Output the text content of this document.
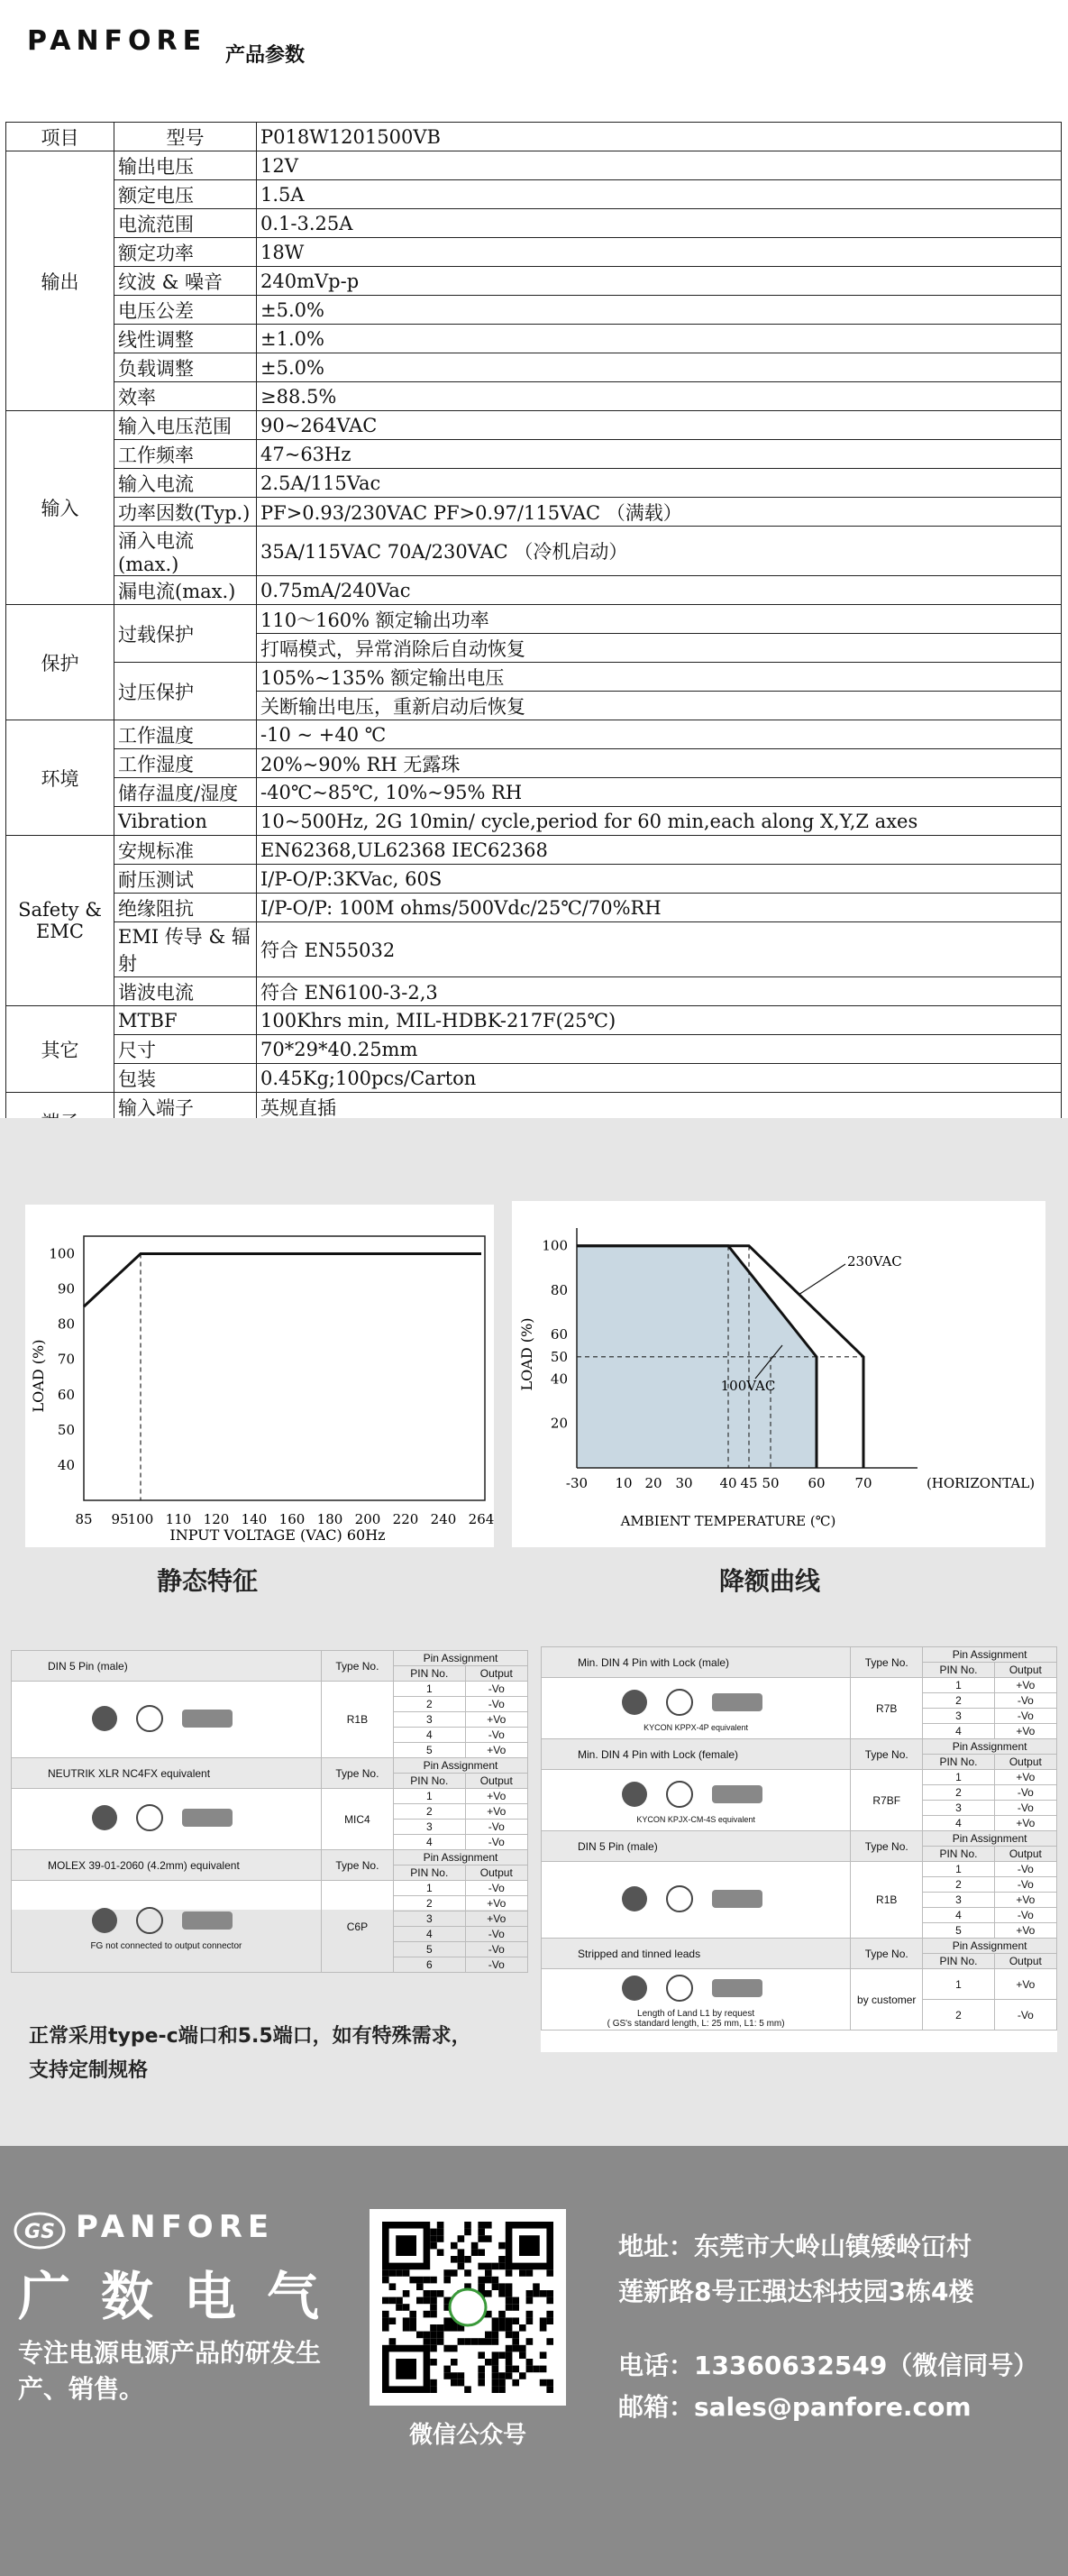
PANFORE 产品参数
项目	型号	P018W1201500VB
输出	输出电压	12V
	额定电压	1.5A
	电流范围	0.1-3.25A
	额定功率	18W
	纹波 & 噪音	240mVp-p
	电压公差	±5.0%
	线性调整	±1.0%
	负载调整	±5.0%
	效率	≥88.5%
输入	输入电压范围	90~264VAC
	工作频率	47~63Hz
	输入电流	2.5A/115Vac
	功率因数(Typ.)	PF>0.93/230VAC PF>0.97/115VAC （满载）
	涌入电流(max.)	35A/115VAC 70A/230VAC （冷机启动）
	漏电流(max.)	0.75mA/240Vac
保护	过载保护	110～160% 额定输出功率
		打嗝模式，异常消除后自动恢复
	过压保护	105%~135% 额定输出电压
		关断输出电压，重新启动后恢复
环境	工作温度	-10 ~ +40 ℃
	工作湿度	20%~90% RH 无露珠
	储存温度/湿度	-40℃~85℃, 10%~95% RH
	Vibration	10~500Hz, 2G 10min/ cycle,period for 60 min,each along X,Y,Z axes
Safety & EMC	安规标准	EN62368,UL62368 IEC62368
	耐压测试	I/P-O/P:3KVac, 60S
	绝缘阻抗	I/P-O/P: 100M ohms/500Vdc/25℃/70%RH
	EMI 传导 & 辐射	符合 EN55032
	谐波电流	符合 EN6100-3-2,3
其它	MTBF	100Khrs min, MIL-HDBK-217F(25℃)
	尺寸	70*29*40.25mm
	包装	0.45Kg;100pcs/Carton
	输入端子	英规直插

40
50
60
70
80
90
100
85 95 100 110 120 140 160 180 200 220 240 264
INPUT VOLTAGE (VAC) 60Hz
LOAD (%)
静态特征
20
40
50
60
80
100
-30 10 20 30 40 45 50 60 70	(HORIZONTAL)
230VAC
100VAC
AMBIENT TEMPERATURE (℃)
LOAD (%)
降额曲线
DIN 5 Pin (male)	Type No.	Pin Assignment	
		PIN No.	Output
	R1B	1	-Vo
		2	-Vo
		3	+Vo
		4	-Vo
		5	+Vo
NEUTRIK XLR NC4FX equivalent	Type No.	Pin Assignment	
		PIN No.	Output
	MIC4	1	+Vo
		2	+Vo
		3	-Vo
		4	-Vo
MOLEX 39-01-2060 (4.2mm) equivalent	Type No.	Pin Assignment	
		PIN No.	Output

FG not connected to output connector	C6P	1	-Vo
		2	+Vo
		3	+Vo
		4	-Vo
		5	-Vo
		6	-Vo
Min. DIN 4 Pin with Lock (male)	Type No.	Pin Assignment	
		PIN No.	Output

KYCON KPPX-4P equivalent	R7B	1	+Vo
		2	-Vo
		3	-Vo
		4	+Vo
Min. DIN 4 Pin with Lock (female)	Type No.	Pin Assignment	
		PIN No.	Output

KYCON KPJX-CM-4S equivalent	R7BF	1	+Vo
		2	-Vo
		3	-Vo
		4	+Vo
DIN 5 Pin (male)	Type No.	Pin Assignment	
		PIN No.	Output
	R1B	1	-Vo
		2	-Vo
		3	+Vo
		4	-Vo
		5	+Vo
Stripped and tinned leads	Type No.	Pin Assignment	
		PIN No.	Output

Length of Land L1 by request
( GS's standard length, L: 25 mm, L1: 5 mm)	by customer	1	+Vo
		2	-Vo
正常采用type-c端口和5.5端口，如有特殊需求，
支持定制规格
GS PANFORE
广数电气
专注电源电源产品的研发生产、销售。
微信公众号
地址：东莞市大岭山镇矮岭冚村
莲新路8号正强达科技园3栋4楼
电话：13360632549（微信同号）
邮箱：sales@panfore.com
